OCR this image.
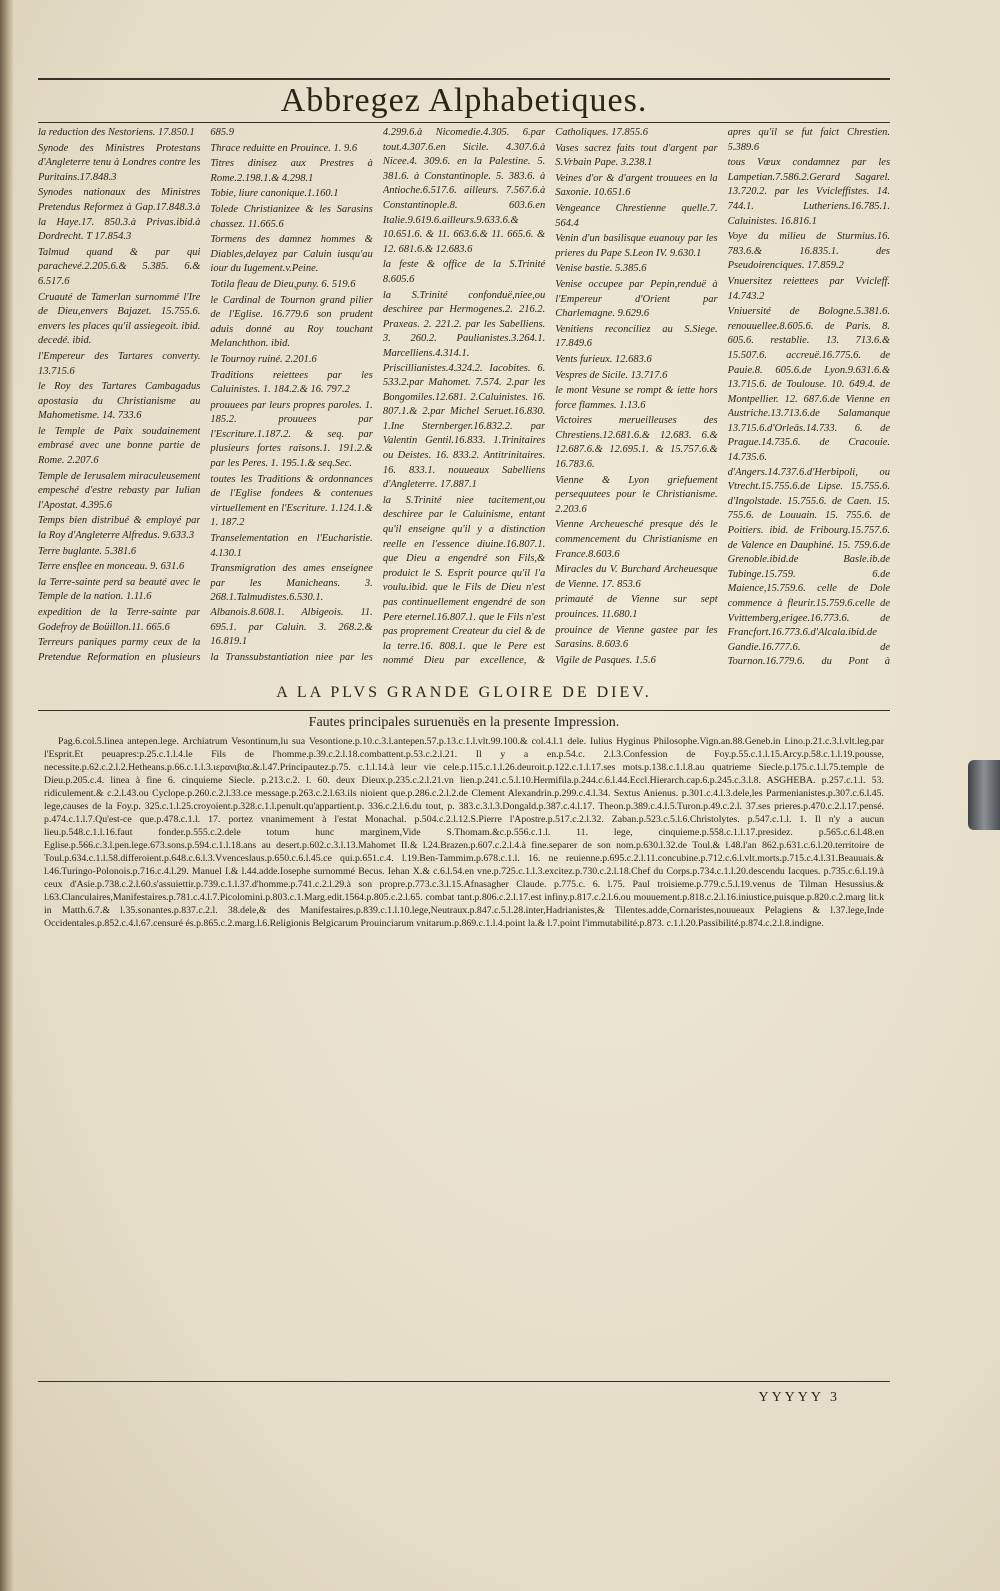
Abbregez Alphabetiques.

la reduction des Nestoriens. 17.850.1

Synode des Ministres Protestans d'Angleterre tenu à Londres contre les Puritains.17.848.3

Synodes nationaux des Ministres Pretendus Reformez à Gap.17.848.3.à la Haye.17. 850.3.à Privas.ibid.à Dordrecht. T 17.854.3

Talmud quand & par qui parachevé.2.205.6.& 5.385. 6.& 6.517.6

Cruauté de Tamerlan surnommé l'Ire de Dieu,envers Bajazet. 15.755.6. envers les places qu'il assiegeoit. ibid. decedé. ibid.

l'Empereur des Tartares converty. 13.715.6

le Roy des Tartares Cambagadus apostasia du Christianisme au Mahometisme. 14. 733.6

le Temple de Paix soudainement embrasé avec une bonne partie de Rome. 2.207.6

Temple de Ierusalem miraculeusement empesché d'estre rebasty par Iulian l'Apostat. 4.395.6

Temps bien distribué & employé par la Roy d'Angleterre Alfredus. 9.633.3

Terre buglante. 5.381.6

Terre ensflee en monceau. 9. 631.6

la Terre-sainte perd sa beauté avec le Temple de la nation. 1.11.6

expedition de la Terre-sainte par Godefroy de Boüillon.11. 665.6

Terreurs paniques parmy ceux de la Pretendue Reformation en plusieurs

685.9

Thrace reduitte en Prouince. 1. 9.6

Titres dinisez aux Prestres à Rome.2.198.1.& 4.298.1

Tobie, liure canonique.1.160.1

Tolede Christianizee & les Sarasins chassez. 11.665.6

Tormens des damnez hommes & Diables,delayez par Caluin iusqu'au iour du Iugement.v.Peine.

Totila fleau de Dieu,puny. 6. 519.6

le Cardinal de Tournon grand pilier de l'Eglise. 16.779.6 son prudent aduis donné au Roy touchant Melanchthon. ibid.

le Tournoy ruiné. 2.201.6

Traditions reiettees par les Caluinistes. 1. 184.2.& 16. 797.2

prouuees par leurs propres paroles. 1. 185.2. prouuees par l'Escriture.1.187.2. & seq. par plusieurs fortes raisons.1. 191.2.& par les Peres. 1. 195.1.& seq.Sec.

toutes les Traditions & ordonnances de l'Eglise fondees & contenues virtuellement en l'Escriture. 1.124.1.& 1. 187.2

Transelementation en l'Eucharistie. 4.130.1

Transmigration des ames enseignee par les Manicheans. 3. 268.1.Talmudistes.6.530.1. Albanois.8.608.1. Albigeois. 11. 695.1. par Caluin. 3. 268.2.& 16.819.1

la Transsubstantiation niee par les

4.299.6.à Nicomedie.4.305. 6.par tout.4.307.6.en Sicile. 4.307.6.à Nicee.4. 309.6. en la Palestine. 5. 381.6. à Constantinople. 5. 383.6. à Antioche.6.517.6. ailleurs. 7.567.6.à Constantinople.8. 603.6.en Italie.9.619.6.ailleurs.9.633.6.& 10.651.6. & 11. 663.6.& 11. 665.6. & 12. 681.6.& 12.683.6

la feste & office de la S.Trinité 8.605.6

la S.Trinité confonduë,niee,ou deschiree par Hermogenes.2. 216.2. Praxeas. 2. 221.2. par les Sabelliens. 3. 260.2. Paulianistes.3.264.1. Marcelliens.4.314.1. Priscillianistes.4.324.2. Iacobites. 6. 533.2.par Mahomet. 7.574. 2.par les Bongomiles.12.681. 2.Caluinistes. 16. 807.1.& 2.par Michel Seruet.16.830. 1.Ine Sternberger.16.832.2. par Valentin Gentil.16.833. 1.Trinitaires ou Deistes. 16. 833.2. Antitrinitaires. 16. 833.1. nouueaux Sabelliens d'Angleterre. 17.887.1

la S.Trinité niee tacitement,ou deschiree par le Caluinisme, entant qu'il enseigne qu'il y a distinction reelle en l'essence diuine.16.807.1. que Dieu a engendré son Fils,& produict le S. Esprit pource qu'il l'a voulu.ibid. que le Fils de Dieu n'est pas continuellement engendré de son Pere eternel.16.807.1. que le Fils n'est pas proprement Createur du ciel & de la terre.16. 808.1. que le Pere est nommé Dieu par excellence, &

Catholiques. 17.855.6

Vases sacrez faits tout d'argent par S.Vrbain Pape. 3.238.1

Veines d'or & d'argent trouuees en la Saxonie. 10.651.6

Vengeance Chrestienne quelle.7. 564.4

Venin d'un basilisque euanouy par les prieres du Pape S.Leon IV. 9.630.1

Venise bastie. 5.385.6

Venise occupee par Pepin,renduë à l'Empereur d'Orient par Charlemagne. 9.629.6

Venitiens reconciliez au S.Siege. 17.849.6

Vents furieux. 12.683.6

Vespres de Sicile. 13.717.6

le mont Vesune se rompt & iette hors force flammes. 1.13.6

Victoires merueilleuses des Chrestiens.12.681.6.& 12.683. 6.& 12.687.6.& 12.695.1. & 15.757.6.& 16.783.6.

Vienne & Lyon griefuement persequutees pour le Christianisme. 2.203.6

Vienne Archeuesché presque dés le commencement du Christianisme en France.8.603.6

Miracles du V. Burchard Archeuesque de Vienne. 17. 853.6

primauté de Vienne sur sept prouinces. 11.680.1

prouince de Vienne gastee par les Sarasins. 8.603.6

Vigile de Pasques. 1.5.6

apres qu'il se fut faict Chrestien. 5.389.6

tous Vœux condamnez par les Lampetian.7.586.2.Gerard Sagarel. 13.720.2. par les Vvicleffistes. 14. 744.1. Lutheriens.16.785.1. Caluinistes. 16.816.1

Voye du milieu de Sturmius.16. 783.6.& 16.835.1. des Pseudoirenciques. 17.859.2

Vnuersitez reiettees par Vvicleff. 14.743.2

Vniuersité de Bologne.5.381.6. renouuellee.8.605.6. de Paris. 8. 605.6. restablie. 13. 713.6.& 15.507.6. accreuë.16.775.6. de Pauie.8. 605.6.de Lyon.9.631.6.& 13.715.6. de Toulouse. 10. 649.4. de Montpellier. 12. 687.6.de Vienne en Austriche.13.713.6.de Salamanque 13.715.6.d'Orleās.14.733. 6. de Prague.14.735.6. de Cracouie. 14.735.6. d'Angers.14.737.6.d'Herbipoli, ou Vtrecht.15.755.6.de Lipse. 15.755.6. d'Ingolstade. 15.755.6. de Caen. 15. 755.6. de Louuain. 15. 755.6. de Poitiers. ibid. de Fribourg.15.757.6. de Valence en Dauphiné. 15. 759.6.de Grenoble.ibid.de Basle.ib.de Tubinge.15.759. 6.de Maience,15.759.6. celle de Dole commence à fleurir.15.759.6.celle de Vvittemberg,erigee.16.773.6. de Francfort.16.773.6.d'Alcala.ibid.de Gandie.16.777.6. de Tournon.16.779.6. du Pont à

A LA PLVS GRANDE GLOIRE DE DIEV.
Fautes principales suruenuës en la presente Impression.
Pag.6.col.5.linea antepen.lege. Archiatrum Vesontinum,lu sua Vesontione.p.10.c.3.l.antepen.57.p.13.c.1.l.vlt.99.100.& col.4.l.1 dele. Iulius Hyginus Philosophe.Vign.an.88.Geneb.in Lino.p.21.c.3.l.vlt.leg.par l'Esprit.Et peuapres:p.25.c.1.l.4.le Fils de l'homme.p.39.c.2.l.18.combattent.p.53.c.2.l.21. Il y a en.p.54.c. 2.l.3.Confession de Foy.p.55.c.1.l.15.Arcy.p.58.c.1.l.19.pousse, necessite.p.62.c.2.l.2.Hetheans.p.66.c.1.l.3.ιερανιβια.&.l.47.Principautez.p.75. c.1.l.14.à leur vie cele.p.115.c.1.l.26.deuroit.p.122.c.1.l.17.ses mots.p.138.c.1.l.8.au quatrieme Siecle.p.175.c.1.l.75.temple de Dieu.p.205.c.4. linea à fine 6. cinquieme Siecle. p.213.c.2. l. 60. deux Dieux.p.235.c.2.l.21.vn lien.p.241.c.5.l.10.Hermifila.p.244.c.6.l.44.Eccl.Hierarch.cap.6.p.245.c.3.l.8. ASGHEBA. p.257.c.1.l. 53. ridiculement.& c.2.l.43.ou Cyclope.p.260.c.2.l.33.ce message.p.263.c.2.l.63.ils nioient que.p.286.c.2.l.2.de Clement Alexandrin.p.299.c.4.l.34. Sextus Anienus. p.301.c.4.l.3.dele,les Parmenianistes.p.307.c.6.l.45. lege,causes de la Foy.p. 325.c.1.l.25.croyoient.p.328.c.1.l.penult.qu'appartient.p. 336.c.2.l.6.du tout, p. 383.c.3.l.3.Dongald.p.387.c.4.l.17. Theon.p.389.c.4.l.5.Turon.p.49.c.2.l. 37.ses prieres.p.470.c.2.l.17.pensé. p.474.c.1.l.7.Qu'est-ce que.p.478.c.1.l. 17. portez vnanimement à l'estat Monachal. p.504.c.2.l.12.S.Pierre l'Apostre.p.517.c.2.l.32. Zaban.p.523.c.5.l.6.Christolytes. p.547.c.1.l. 1. Il n'y a aucun lieu.p.548.c.1.l.16.faut fonder.p.555.c.2.dele totum hunc marginem,Vide S.Thomam.&c.p.556.c.1.l. 11. lege, cinquieme.p.558.c.1.l.17.presidez. p.565.c.6.l.48.en Eglise.p.566.c.3.l.pen.lege.673.sons.p.594.c.1.l.18.ans au desert.p.602.c.3.l.13.Mahomet II.& l.24.Brazen.p.607.c.2.l.4.à fine.separer de son nom.p.630.l.32.de Toul.& l.48.l'an 862.p.631.c.6.l.20.territoire de Toul.p.634.c.1.l.58.differoient.p.648.c.6.l.3.Vvenceslaus.p.650.c.6.l.45.ce qui.p.651.c.4. l.19.Ben-Tammim.p.678.c.1.l. 16. ne reuienne.p.695.c.2.l.11.concubine.p.712.c.6.l.vlt.morts.p.715.c.4.l.31.Beauuais.& l.46.Turingo-Polonois.p.716.c.4.l.29. Manuel I.& l.44.adde.Iosephe surnommé Becus. Iehan X.& c.6.l.54.en vne.p.725.c.1.l.3.excitez.p.730.c.2.l.18.Chef du Corps.p.734.c.1.l.20.descendu Iacques. p.735.c.6.l.19.à ceux d'Asie.p.738.c.2.l.60.s'assuiettir.p.739.c.1.l.37.d'homme.p.741.c.2.l.29.à son propre.p.773.c.3.l.15.Afnasagher Claude. p.775.c. 6. l.75. Paul troisieme.p.779.c.5.l.19.venus de Tilman Hesussius.& l.63.Clanculaires,Manifestaires.p.781.c.4.l.7.Picolomini.p.803.c.1.Marg.edit.1564.p.805.c.2.l.65. combat tant.p.806.c.2.l.17.est infiny.p.817.c.2.l.6.ou mouuement.p.818.c.2.l.16.iniustice,puisque.p.820.c.2.marg lit.k in Matth.6.7.& l.35.sonantes.p.837.c.2.l. 38.dele,& des Manifestaires.p.839.c.1.l.10.lege,Neutraux.p.847.c.5.l.28.inter,Hadrianistes,& Tilentes.adde,Cornaristes,nouueaux Pelagiens & l.37.lege,Inde Occidentales.p.852.c.4.l.67.censuré és.p.865.c.2.marg.l.6.Religionis Belgicarum Prouinciarum vnitarum.p.869.c.1.l.4.point la.& l.7.point l'immutabilité.p.873. c.1.l.20.Passibilité.p.874.c.2.l.8.indigne.
YYYYY 3
